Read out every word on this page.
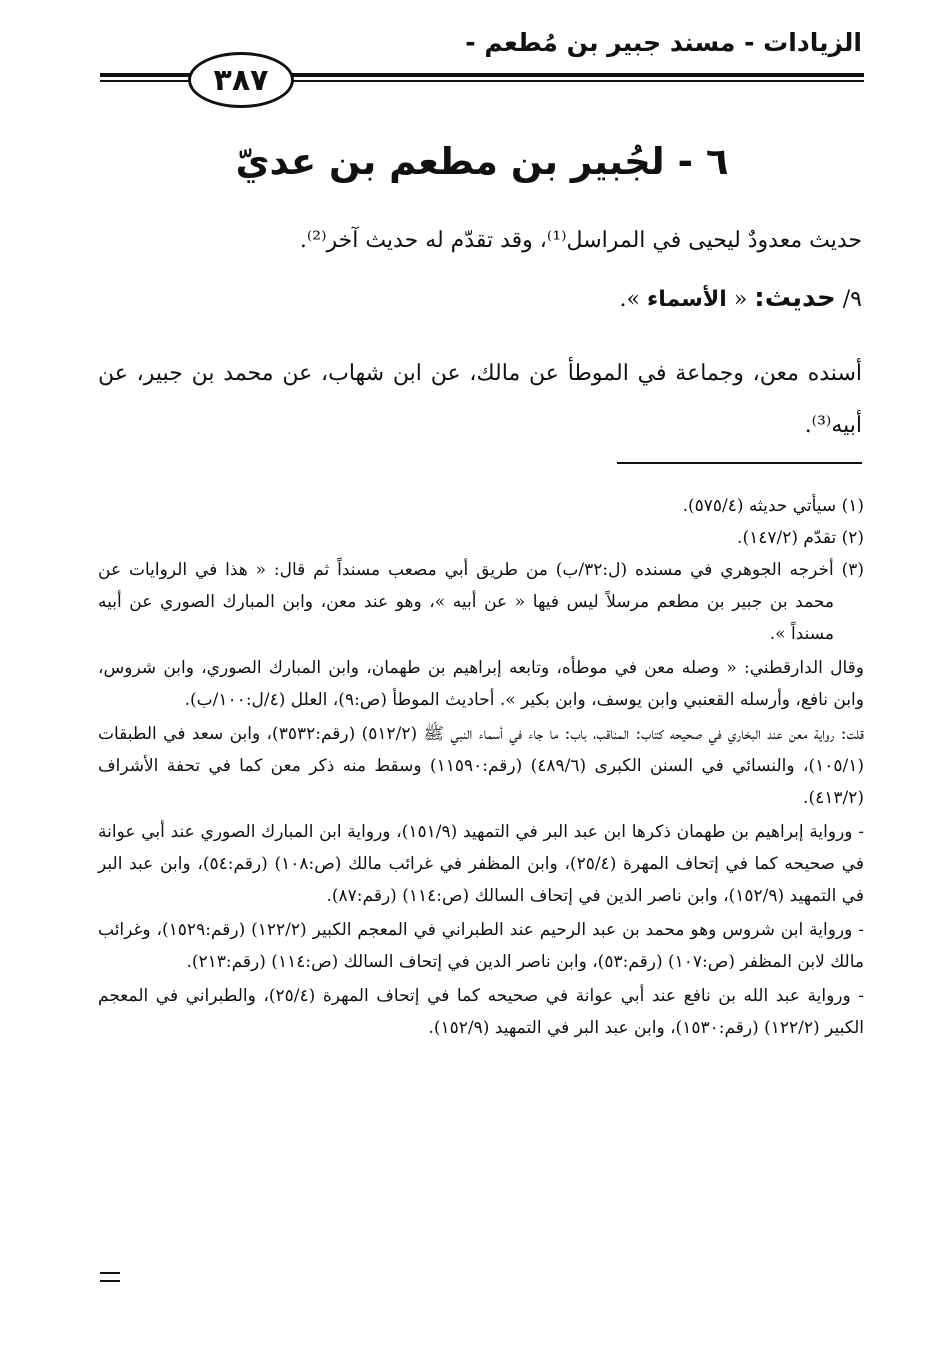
الزيادات - مسند جبير بن مُطعم -
٣٨٧
٦ - لجُبير بن مطعم بن عديّ
حديث معدودٌ ليحيى في المراسل⁽¹⁾، وقد تقدّم له حديث آخر⁽²⁾.
٩/ حديث: « الأسماء ».
أسنده معن، وجماعة في الموطأ عن مالك، عن ابن شهاب، عن محمد بن جبير، عن أبيه⁽³⁾.

(١) سيأتي حديثه (٥٧٥/٤).

(٢) تقدّم (١٤٧/٢).

(٣) أخرجه الجوهري في مسنده (ل:٣٢/ب) من طريق أبي مصعب مسنداً ثم قال: « هذا في الروايات عن محمد بن جبير بن مطعم مرسلاً ليس فيها « عن أبيه »، وهو عند معن، وابن المبارك الصوري عن أبيه مسنداً ».

وقال الدارقطني: « وصله معن في موطأه، وتابعه إبراهيم بن طهمان، وابن المبارك الصوري، وابن شروس، وابن نافع، وأرسله القعنبي وابن يوسف، وابن بكير ». أحاديث الموطأ (ص:٩)، العلل (٤/ل:١٠٠/ب).

قلت: رواية معن عند البخاري في صحيحه كتاب: المناقب، باب: ما جاء في أسماء النبي ﷺ (٥١٢/٢) (رقم:٣٥٣٢)، وابن سعد في الطبقات (١٠٥/١)، والنسائي في السنن الكبرى (٤٨٩/٦) (رقم:١١٥٩٠) وسقط منه ذكر معن كما في تحفة الأشراف (٤١٣/٢).

- ورواية إبراهيم بن طهمان ذكرها ابن عبد البر في التمهيد (١٥١/٩)، ورواية ابن المبارك الصوري عند أبي عوانة في صحيحه كما في إتحاف المهرة (٢٥/٤)، وابن المظفر في غرائب مالك (ص:١٠٨) (رقم:٥٤)، وابن عبد البر في التمهيد (١٥٢/٩)، وابن ناصر الدين في إتحاف السالك (ص:١١٤) (رقم:٨٧).

- ورواية ابن شروس وهو محمد بن عبد الرحيم عند الطبراني في المعجم الكبير (١٢٢/٢) (رقم:١٥٢٩)، وغرائب مالك لابن المظفر (ص:١٠٧) (رقم:٥٣)، وابن ناصر الدين في إتحاف السالك (ص:١١٤) (رقم:٢١٣).

- ورواية عبد الله بن نافع عند أبي عوانة في صحيحه كما في إتحاف المهرة (٢٥/٤)، والطبراني في المعجم الكبير (١٢٢/٢) (رقم:١٥٣٠)، وابن عبد البر في التمهيد (١٥٢/٩).
